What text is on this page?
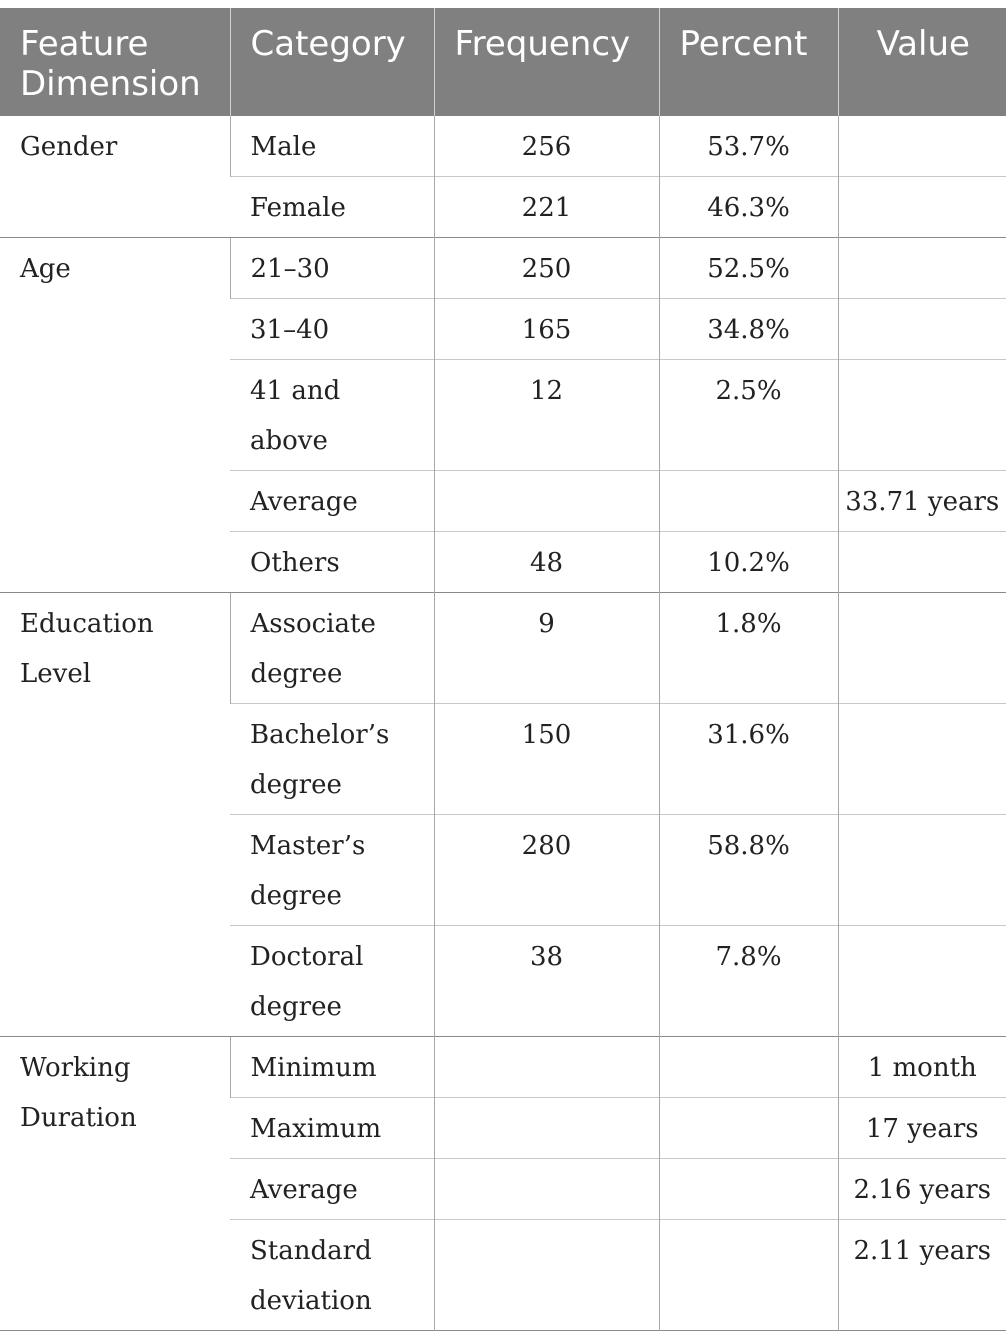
Feature Dimension	Category	Frequency	Percent	Value
Gender	Male	256	53.7%	
	Female	221	46.3%	
Age	21–30	250	52.5%	
	31–40	165	34.8%	
	41 and above	12	2.5%	
	Average			33.71 years
	Others	48	10.2%	
Education Level	Associate degree	9	1.8%	
	Bachelor’s degree	150	31.6%	
	Master’s degree	280	58.8%	
	Doctoral degree	38	7.8%	
Working Duration	Minimum			1 month
	Maximum			17 years
	Average			2.16 years
	Standard deviation			2.11 years
